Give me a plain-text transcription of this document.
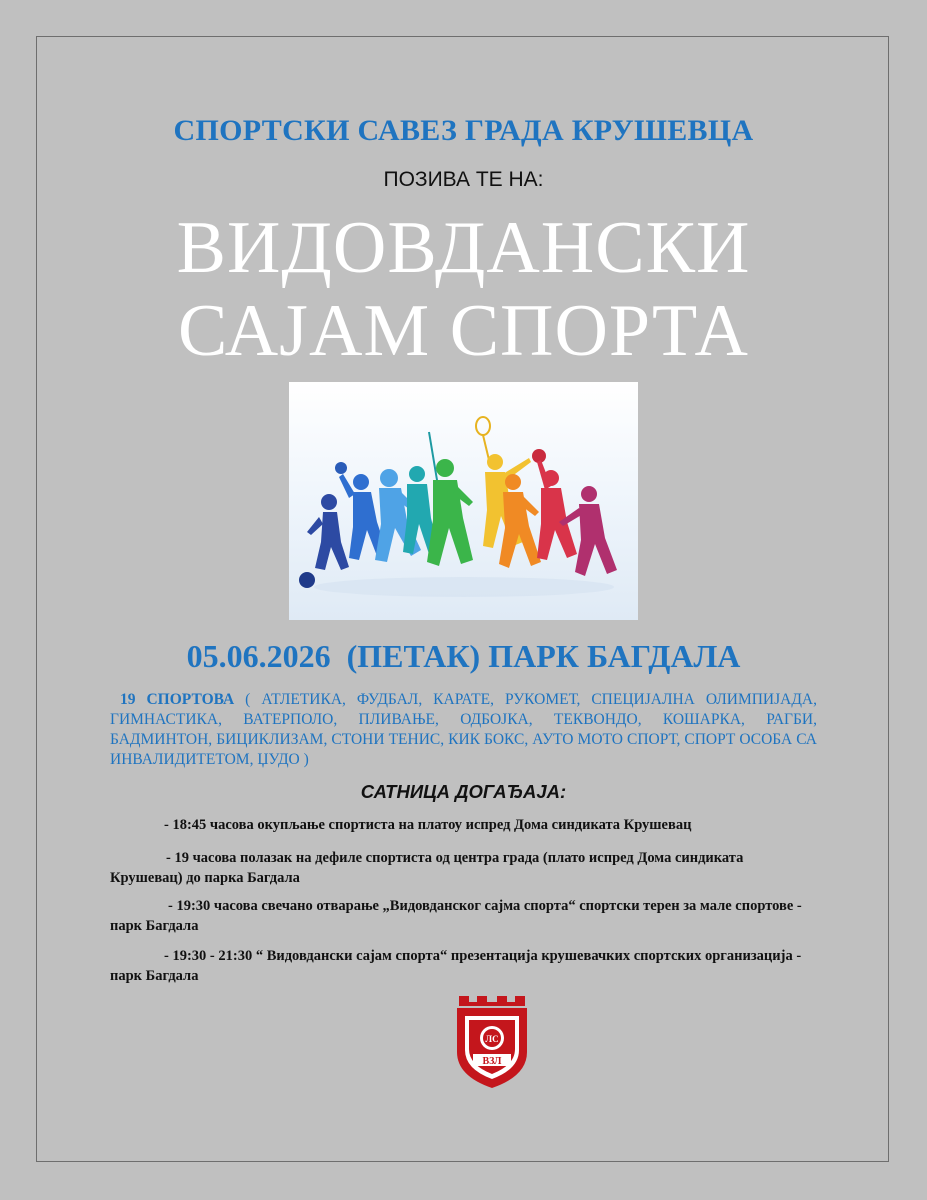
СПОРТСКИ САВЕЗ ГРАДА КРУШЕВЦА
ПОЗИВА ТЕ НА:
ВИДОВДАНСКИ
САЈАМ СПОРТА
05.06.2026  (ПЕТАК) ПАРК БАГДАЛА
19 СПОРТОВА ( АТЛЕТИКА, ФУДБАЛ, КАРАТЕ, РУКОМЕТ, СПЕЦИЈАЛНА ОЛИМПИЈАДА, ГИМНАСТИКА, ВАТЕРПОЛО, ПЛИВАЊЕ, ОДБОЈКА, ТЕКВОНДО, КОШАРКА, РАГБИ, БАДМИНТОН, БИЦИКЛИЗАМ, СТОНИ ТЕНИС, КИК БОКС, АУТО МОТО СПОРТ, СПОРТ ОСОБА СА ИНВАЛИДИТЕТОМ, ЏУДО )
САТНИЦА ДОГАЂАЈА:
- 18:45 часова окупљање спортиста на платоу испред Дома синдиката Крушевац
- 19 часова полазак на дефиле спортиста од центра града (плато испред Дома синдиката Крушевац) до парка Багдала
- 19:30 часова свечано отварање „Видовданског сајма спорта“ спортски терен за мале спортове - парк Багдала
- 19:30 - 21:30 “ Видовдански сајам спорта“ презентација крушевачких спортских организација - парк Багдала
ЛС
ВЗЛ
